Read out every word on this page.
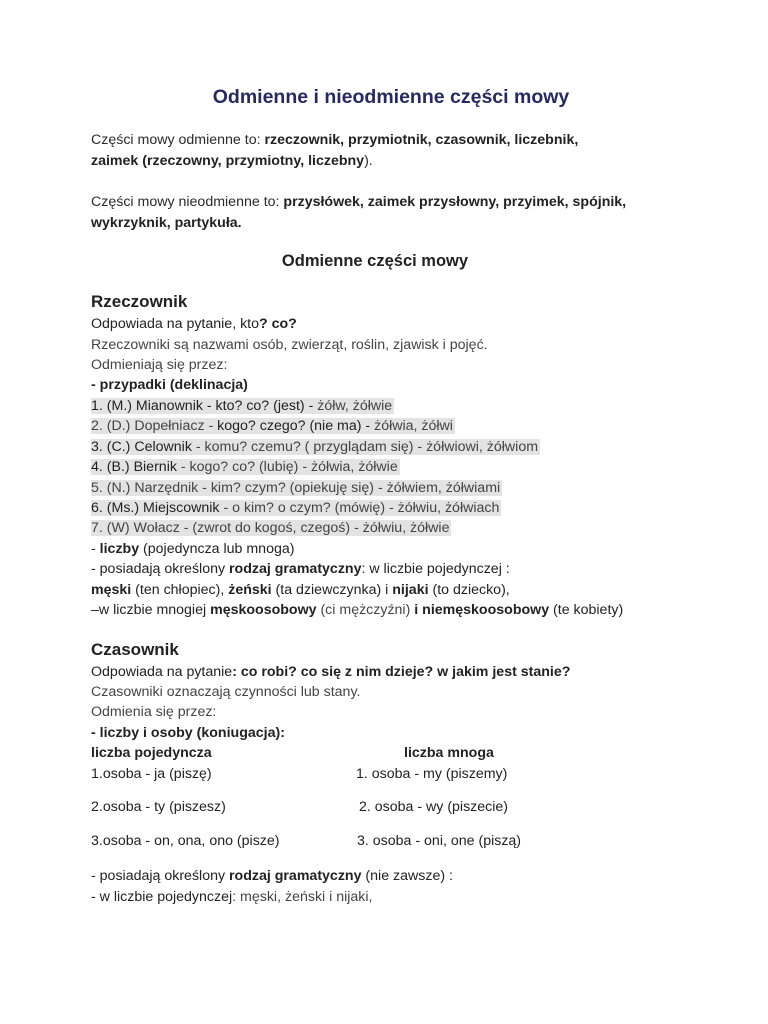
Odmienne i nieodmienne części mowy
Części mowy odmienne to: rzeczownik, przymiotnik, czasownik, liczebnik,
zaimek (rzeczowny, przymiotny, liczebny).
Części mowy nieodmienne to: przysłówek, zaimek przysłowny, przyimek, spójnik,
wykrzyknik, partykuła.
Odmienne części mowy
Rzeczownik
Odpowiada na pytanie, kto? co?
Rzeczowniki są nazwami osób, zwierząt, roślin, zjawisk i pojęć.
Odmieniają się przez:
- przypadki (deklinacja)
1. (M.) Mianownik - kto? co? (jest) - żółw, żółwie
2. (D.) Dopełniacz - kogo? czego? (nie ma) - żółwia, żółwi
3. (C.) Celownik - komu? czemu? ( przyglądam się) - żółwiowi, żółwiom
4. (B.) Biernik - kogo? co? (lubię) - żółwia, żółwie
5. (N.) Narzędnik - kim? czym? (opiekuję się) - żółwiem, żółwiami
6. (Ms.) Miejscownik - o kim? o czym? (mówię) - żółwiu, żółwiach
7. (W) Wołacz - (zwrot do kogoś, czegoś) - żółwiu, żółwie
- liczby (pojedyncza lub mnoga)
- posiadają określony rodzaj gramatyczny: w liczbie pojedynczej :
męski (ten chłopiec), żeński (ta dziewczynka) i nijaki (to dziecko),
–w liczbie mnogiej męskoosobowy (ci mężczyźni) i niemęskoosobowy (te kobiety)
Czasownik
Odpowiada na pytanie: co robi? co się z nim dzieje? w jakim jest stanie?
Czasowniki oznaczają czynności lub stany.
Odmienia się przez:
- liczby i osoby (koniugacja):
liczba pojedyncza	liczba mnoga
1.osoba - ja (piszę)	1. osoba - my (piszemy)
2.osoba - ty (piszesz)	2. osoba - wy (piszecie)
3.osoba - on, ona, ono (pisze)	3. osoba - oni, one (piszą)
- posiadają określony rodzaj gramatyczny (nie zawsze) :
- w liczbie pojedynczej: męski, żeński i nijaki,
